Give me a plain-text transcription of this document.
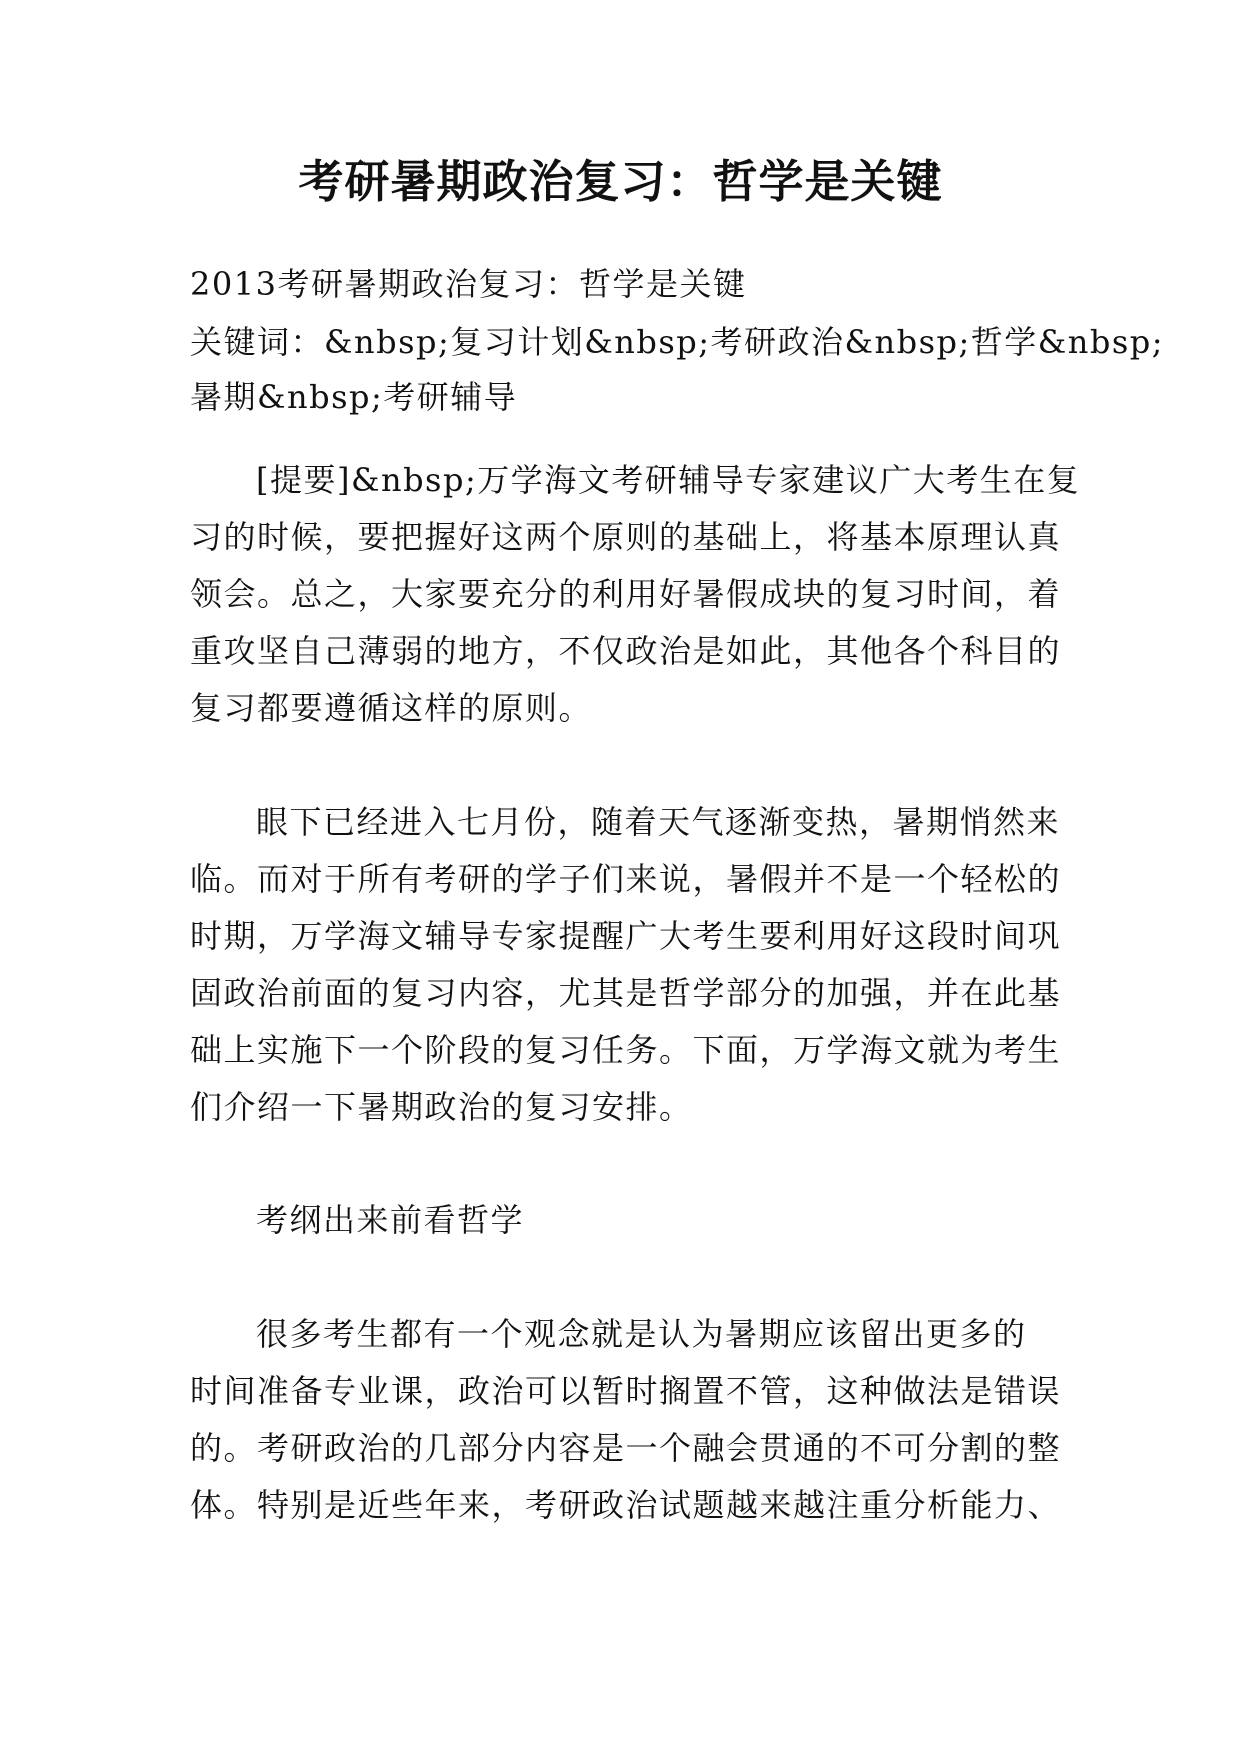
考研暑期政治复习：哲学是关键

2013考研暑期政治复习：哲学是关键

关键词：&nbsp;复习计划&nbsp;考研政治&nbsp;哲学&nbsp;

暑期&nbsp;考研辅导

[提要]&nbsp;万学海文考研辅导专家建议广大考生在复

习的时候，要把握好这两个原则的基础上，将基本原理认真

领会。总之，大家要充分的利用好暑假成块的复习时间，着

重攻坚自己薄弱的地方，不仅政治是如此，其他各个科目的

复习都要遵循这样的原则。

眼下已经进入七月份，随着天气逐渐变热，暑期悄然来

临。而对于所有考研的学子们来说，暑假并不是一个轻松的

时期，万学海文辅导专家提醒广大考生要利用好这段时间巩

固政治前面的复习内容，尤其是哲学部分的加强，并在此基

础上实施下一个阶段的复习任务。下面，万学海文就为考生

们介绍一下暑期政治的复习安排。

考纲出来前看哲学

很多考生都有一个观念就是认为暑期应该留出更多的

时间准备专业课，政治可以暂时搁置不管，这种做法是错误

的。考研政治的几部分内容是一个融会贯通的不可分割的整

体。特别是近些年来，考研政治试题越来越注重分析能力、
